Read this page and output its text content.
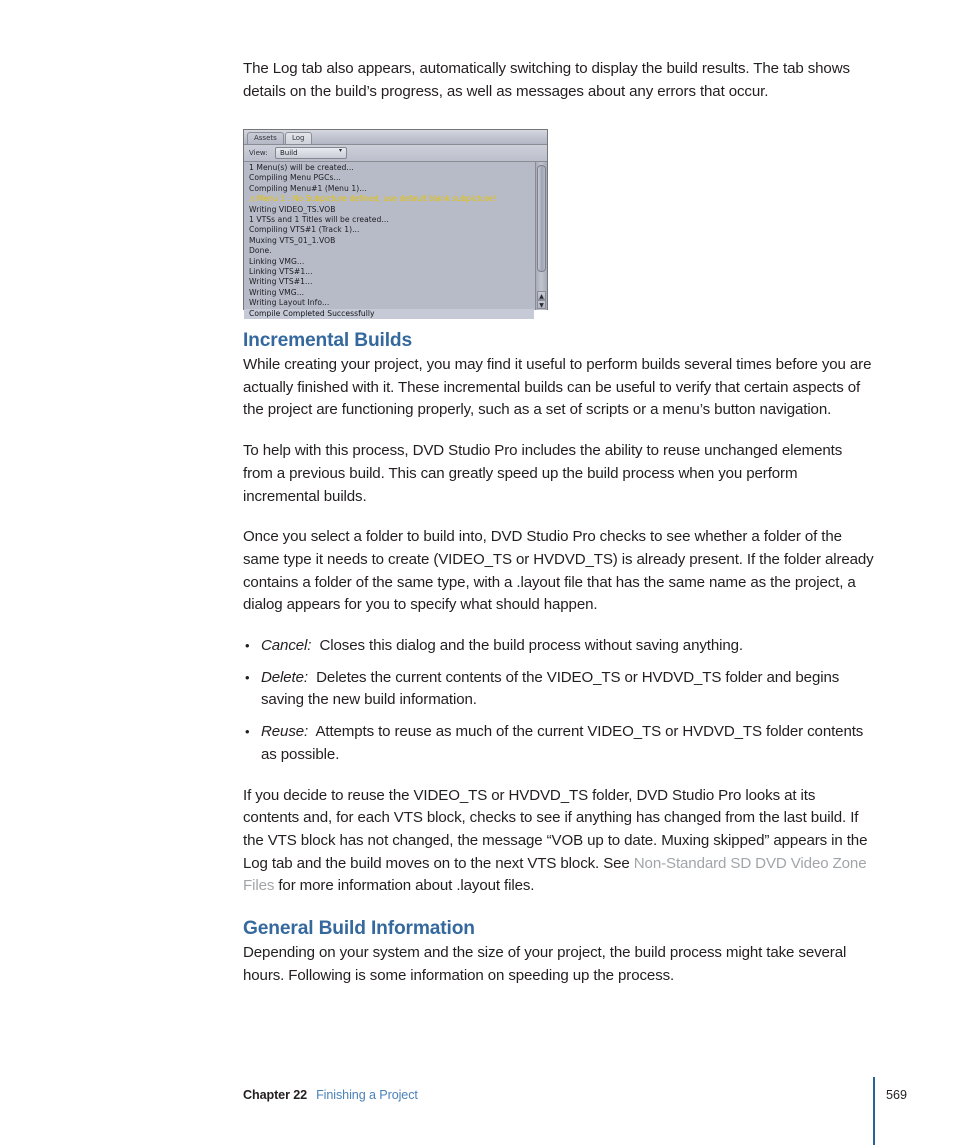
The Log tab also appears, automatically switching to display the build results. The tab shows details on the build’s progress, as well as messages about any errors that occur.

Assets	Log
View: Build	▾
1 Menu(s) will be created...
Compiling Menu PGCs...
Compiling Menu#1 (Menu 1)...
⚠Menu 1 : No Subpicture defined, use default blank subpicture!
Writing VIDEO_TS.VOB
1 VTSs and 1 Titles will be created...
Compiling VTS#1 (Track 1)...
Muxing VTS_01_1.VOB
Done.
Linking VMG...
Linking VTS#1...
Writing VTS#1...
Writing VMG...
Writing Layout Info...
Compile Completed Successfully
▲
▼
Incremental Builds

While creating your project, you may find it useful to perform builds several times before you are actually finished with it. These incremental builds can be useful to verify that certain aspects of the project are functioning properly, such as a set of scripts or a menu’s button navigation.

To help with this process, DVD Studio Pro includes the ability to reuse unchanged elements from a previous build. This can greatly speed up the build process when you perform incremental builds.

Once you select a folder to build into, DVD Studio Pro checks to see whether a folder of the same type it needs to create (VIDEO_TS or HVDVD_TS) is already present. If the folder already contains a folder of the same type, with a .layout file that has the same name as the project, a dialog appears for you to specify what should happen.

• Cancel: Closes this dialog and the build process without saving anything.
• Delete: Deletes the current contents of the VIDEO_TS or HVDVD_TS folder and begins saving the new build information.
• Reuse: Attempts to reuse as much of the current VIDEO_TS or HVDVD_TS folder contents as possible.

If you decide to reuse the VIDEO_TS or HVDVD_TS folder, DVD Studio Pro looks at its contents and, for each VTS block, checks to see if anything has changed from the last build. If the VTS block has not changed, the message “VOB up to date. Muxing skipped” appears in the Log tab and the build moves on to the next VTS block. See Non-Standard SD DVD Video Zone Files for more information about .layout files.

General Build Information

Depending on your system and the size of your project, the build process might take several hours. Following is some information on speeding up the process.

Chapter 22 Finishing a Project	569
